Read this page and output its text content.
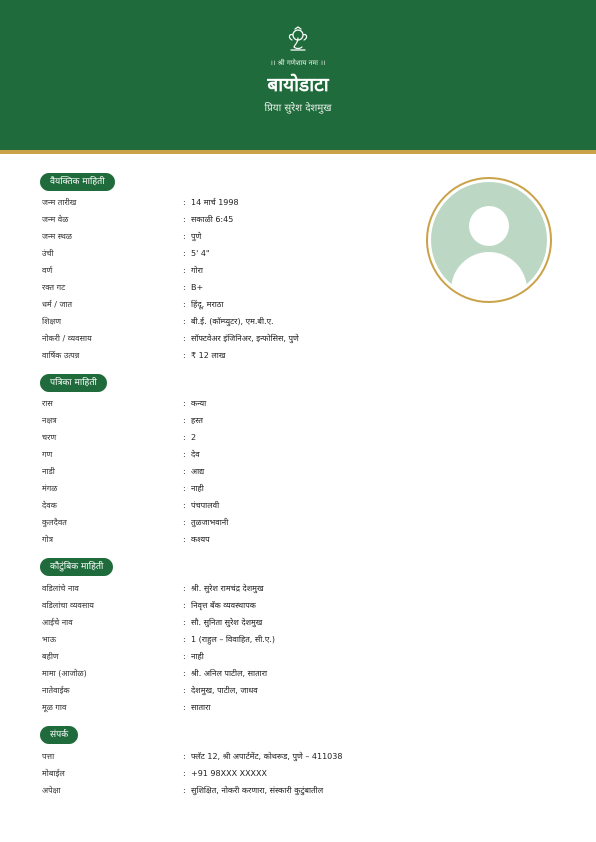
।। श्री गणेशाय नमः ।।
बायोडाटा
प्रिया सुरेश देशमुख
वैयक्तिक माहिती
जन्म तारीख	: 14 मार्च 1998
जन्म वेळ	: सकाळी 6:45
जन्म स्थळ	: पुणे
उंची	: 5' 4"
वर्ण	: गोरा
रक्त गट	: B+
धर्म / जात	: हिंदू, मराठा
शिक्षण	: बी.ई. (कॉम्प्युटर), एम.बी.ए.
नोकरी / व्यवसाय	: सॉफ्टवेअर इंजिनिअर, इन्फोसिस, पुणे
वार्षिक उत्पन्न	: ₹ 12 लाख
पत्रिका माहिती
रास	: कन्या
नक्षत्र	: हस्त
चरण	: 2
गण	: देव
नाडी	: आद्य
मंगळ	: नाही
देवक	: पंचपालवी
कुलदैवत	: तुळजाभवानी
गोत्र	: कश्यप
कौटुंबिक माहिती
वडिलांचे नाव	: श्री. सुरेश रामचंद्र देशमुख
वडिलांचा व्यवसाय	: निवृत्त बँक व्यवस्थापक
आईचे नाव	: सौ. सुनिता सुरेश देशमुख
भाऊ	: 1 (राहुल – विवाहित, सी.ए.)
बहीण	: नाही
मामा (आजोळ)	: श्री. अनिल पाटील, सातारा
नातेवाईक	: देशमुख, पाटील, जाधव
मूळ गाव	: सातारा
संपर्क
पत्ता	: फ्लॅट 12, श्री अपार्टमेंट, कोथरूड, पुणे – 411038
मोबाईल	: +91 98XXX XXXXX
अपेक्षा	: सुशिक्षित, नोकरी करणारा, संस्कारी कुटुंबातील
